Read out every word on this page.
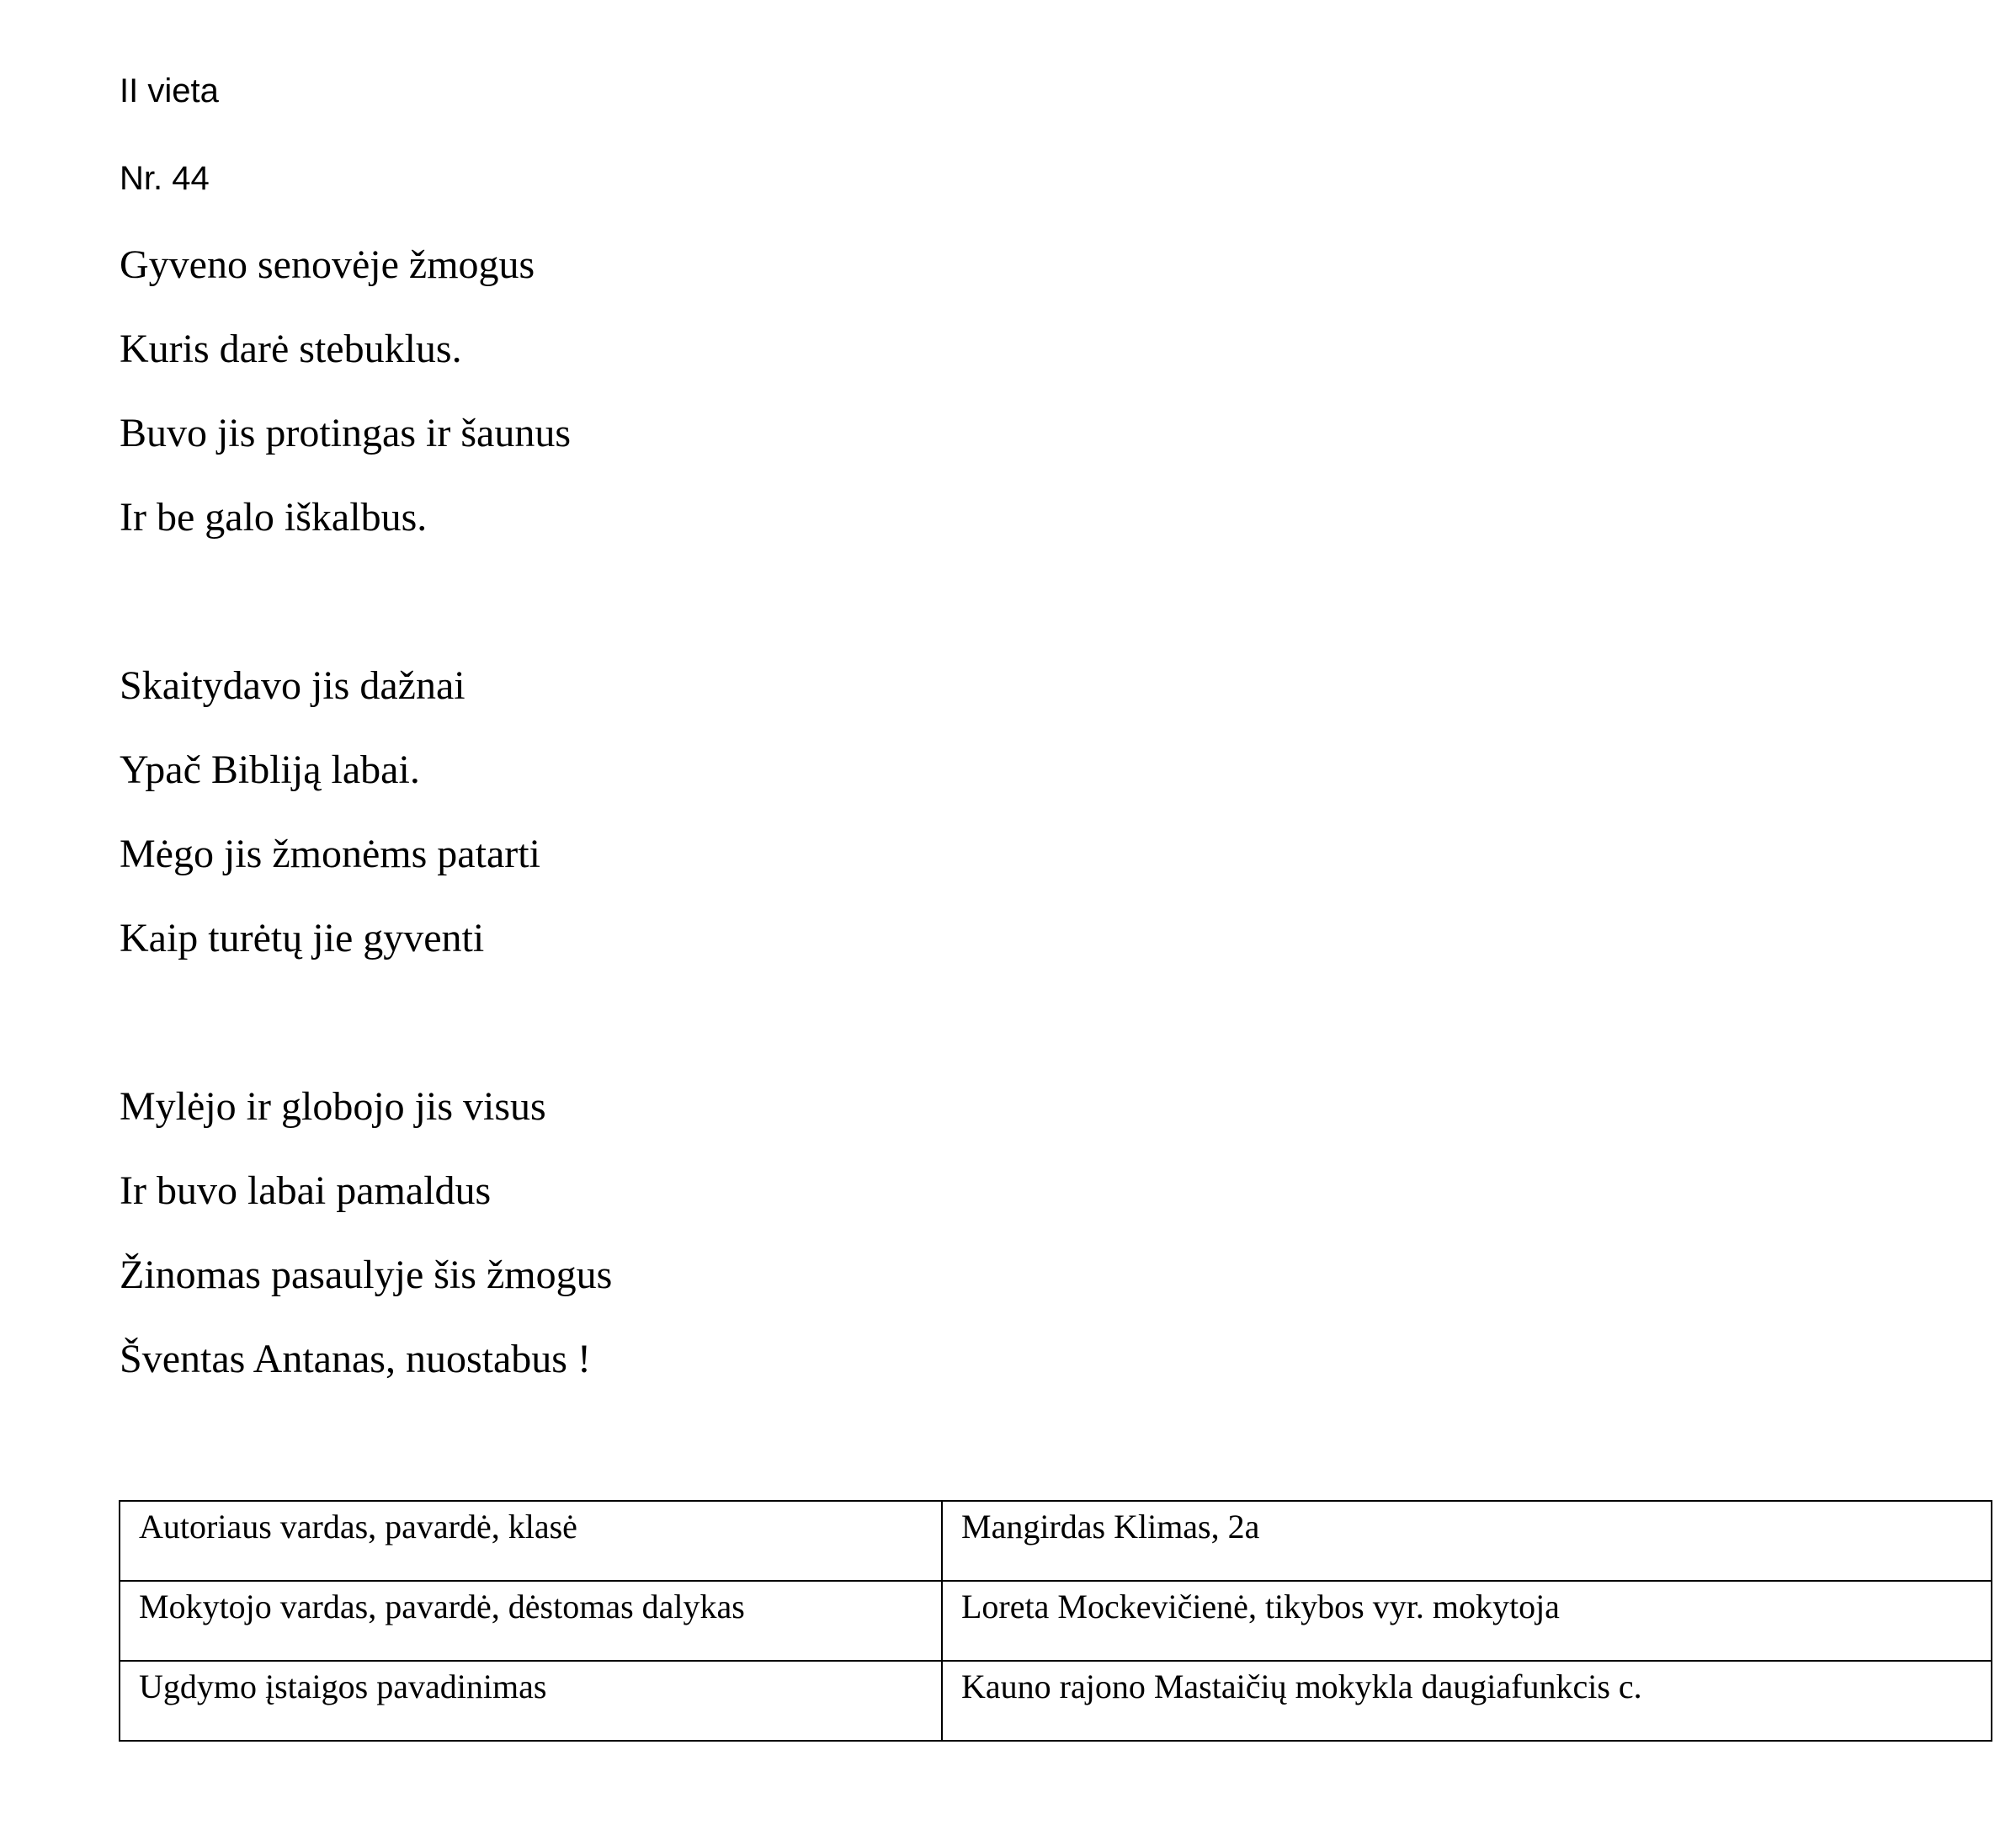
II vieta
Nr. 44
Gyveno senovėje žmogus
Kuris darė stebuklus.
Buvo jis protingas ir šaunus
Ir be galo iškalbus.
Skaitydavo jis dažnai
Ypač Bibliją labai.
Mėgo jis žmonėms patarti
Kaip turėtų jie gyventi
Mylėjo ir globojo jis visus
Ir buvo labai pamaldus
Žinomas pasaulyje šis žmogus
Šventas Antanas, nuostabus !
Autoriaus vardas, pavardė, klasė	Mangirdas Klimas, 2a
Mokytojo vardas, pavardė, dėstomas dalykas	Loreta Mockevičienė, tikybos vyr. mokytoja
Ugdymo įstaigos pavadinimas	Kauno rajono Mastaičių mokykla daugiafunkcis c.
